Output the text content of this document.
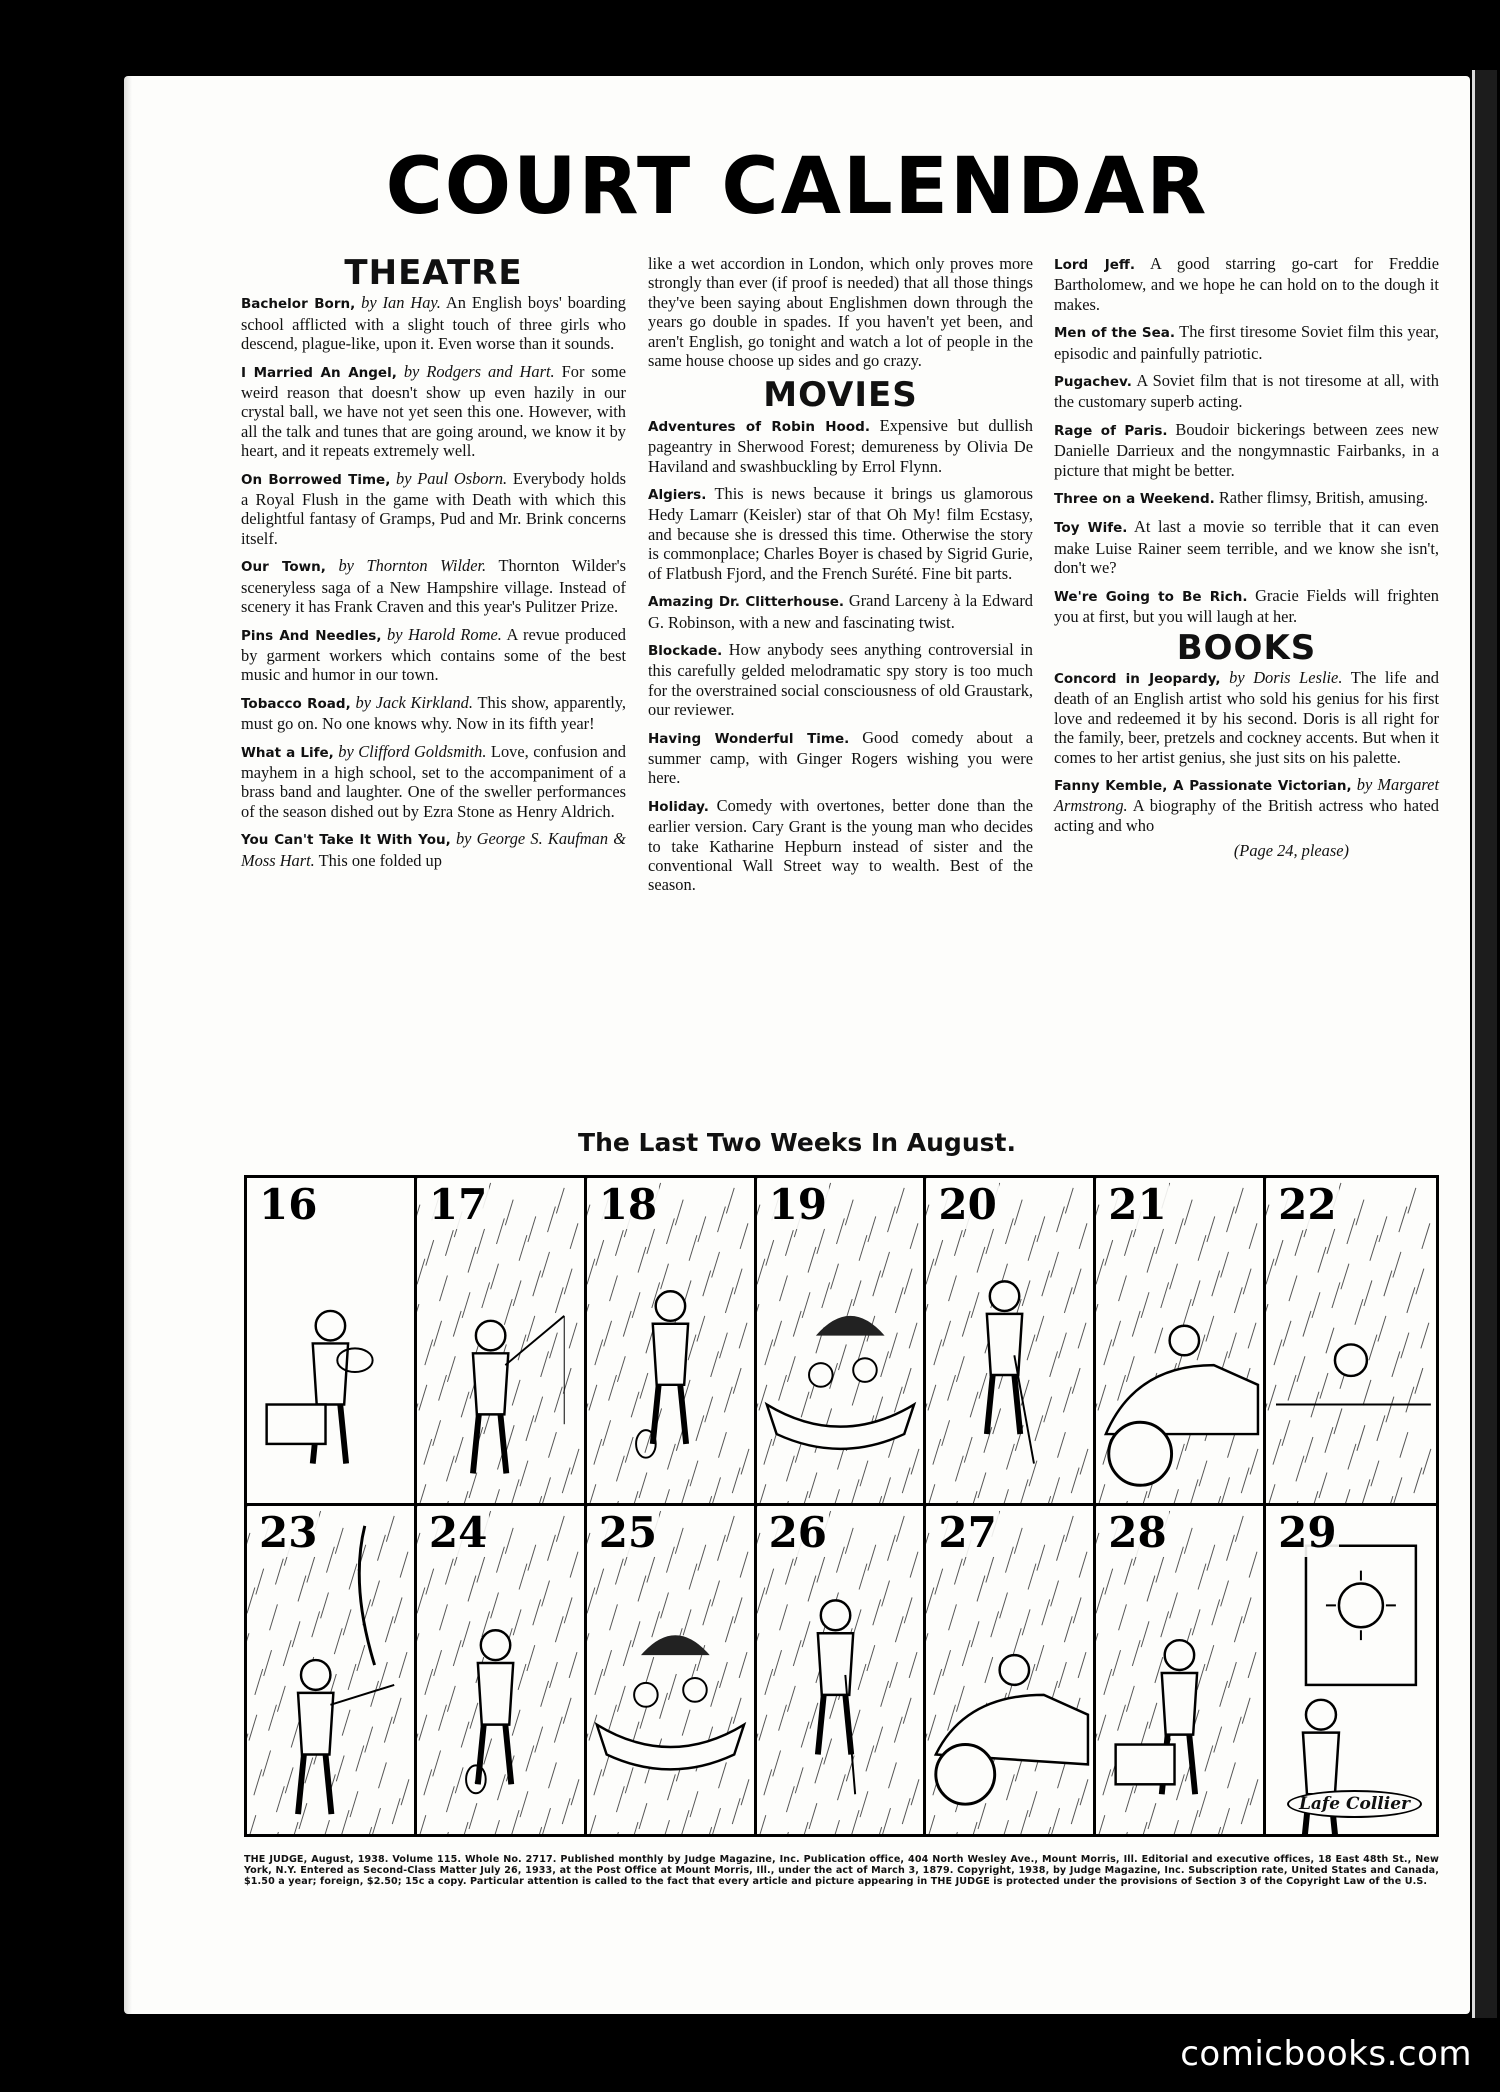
COURT CALENDAR
THEATRE

Bachelor Born, by Ian Hay. An English boys' boarding school afflicted with a slight touch of three girls who descend, plague-like, upon it. Even worse than it sounds.

I Married An Angel, by Rodgers and Hart. For some weird reason that doesn't show up even hazily in our crystal ball, we have not yet seen this one. However, with all the talk and tunes that are going around, we know it by heart, and it repeats extremely well.

On Borrowed Time, by Paul Osborn. Everybody holds a Royal Flush in the game with Death with which this delightful fantasy of Gramps, Pud and Mr. Brink concerns itself.

Our Town, by Thornton Wilder. Thornton Wilder's sceneryless saga of a New Hampshire village. Instead of scenery it has Frank Craven and this year's Pulitzer Prize.

Pins And Needles, by Harold Rome. A revue produced by garment workers which contains some of the best music and humor in our town.

Tobacco Road, by Jack Kirkland. This show, apparently, must go on. No one knows why. Now in its fifth year!

What a Life, by Clifford Goldsmith. Love, confusion and mayhem in a high school, set to the accompaniment of a brass band and laughter. One of the sweller performances of the season dished out by Ezra Stone as Henry Aldrich.

You Can't Take It With You, by George S. Kaufman & Moss Hart. This one folded up

like a wet accordion in London, which only proves more strongly than ever (if proof is needed) that all those things they've been saying about Englishmen down through the years go double in spades. If you haven't yet been, and aren't English, go tonight and watch a lot of people in the same house choose up sides and go crazy.

MOVIES

Adventures of Robin Hood. Expensive but dullish pageantry in Sherwood Forest; demureness by Olivia De Haviland and swashbuckling by Errol Flynn.

Algiers. This is news because it brings us glamorous Hedy Lamarr (Keisler) star of that Oh My! film Ecstasy, and because she is dressed this time. Otherwise the story is commonplace; Charles Boyer is chased by Sigrid Gurie, of Flatbush Fjord, and the French Surété. Fine bit parts.

Amazing Dr. Clitterhouse. Grand Larceny à la Edward G. Robinson, with a new and fascinating twist.

Blockade. How anybody sees anything controversial in this carefully gelded melodramatic spy story is too much for the overstrained social consciousness of old Graustark, our reviewer.

Having Wonderful Time. Good comedy about a summer camp, with Ginger Rogers wishing you were here.

Holiday. Comedy with overtones, better done than the earlier version. Cary Grant is the young man who decides to take Katharine Hepburn instead of sister and the conventional Wall Street way to wealth. Best of the season.

Lord Jeff. A good starring go-cart for Freddie Bartholomew, and we hope he can hold on to the dough it makes.

Men of the Sea. The first tiresome Soviet film this year, episodic and painfully patriotic.

Pugachev. A Soviet film that is not tiresome at all, with the customary superb acting.

Rage of Paris. Boudoir bickerings between zees new Danielle Darrieux and the nongymnastic Fairbanks, in a picture that might be better.

Three on a Weekend. Rather flimsy, British, amusing.

Toy Wife. At last a movie so terrible that it can even make Luise Rainer seem terrible, and we know she isn't, don't we?

We're Going to Be Rich. Gracie Fields will frighten you at first, but you will laugh at her.

BOOKS

Concord in Jeopardy, by Doris Leslie. The life and death of an English artist who sold his genius for his first love and redeemed it by his second. Doris is all right for the family, beer, pretzels and cockney accents. But when it comes to her artist genius, she just sits on his palette.

Fanny Kemble, A Passionate Victorian, by Margaret Armstrong. A biography of the British actress who hated acting and who

(Page 24, please)
The Last Two Weeks In August.
16	17	18	19	20	21	22
23	24	25	26	27	28	29
Lafe Collier
THE JUDGE, August, 1938. Volume 115. Whole No. 2717. Published monthly by Judge Magazine, Inc. Publication office, 404 North Wesley Ave., Mount Morris, Ill. Editorial and executive offices, 18 East 48th St., New York, N.Y. Entered as Second-Class Matter July 26, 1933, at the Post Office at Mount Morris, Ill., under the act of March 3, 1879. Copyright, 1938, by Judge Magazine, Inc. Subscription rate, United States and Canada, $1.50 a year; foreign, $2.50; 15c a copy. Particular attention is called to the fact that every article and picture appearing in THE JUDGE is protected under the provisions of Section 3 of the Copyright Law of the U.S.
comicbooks.com
